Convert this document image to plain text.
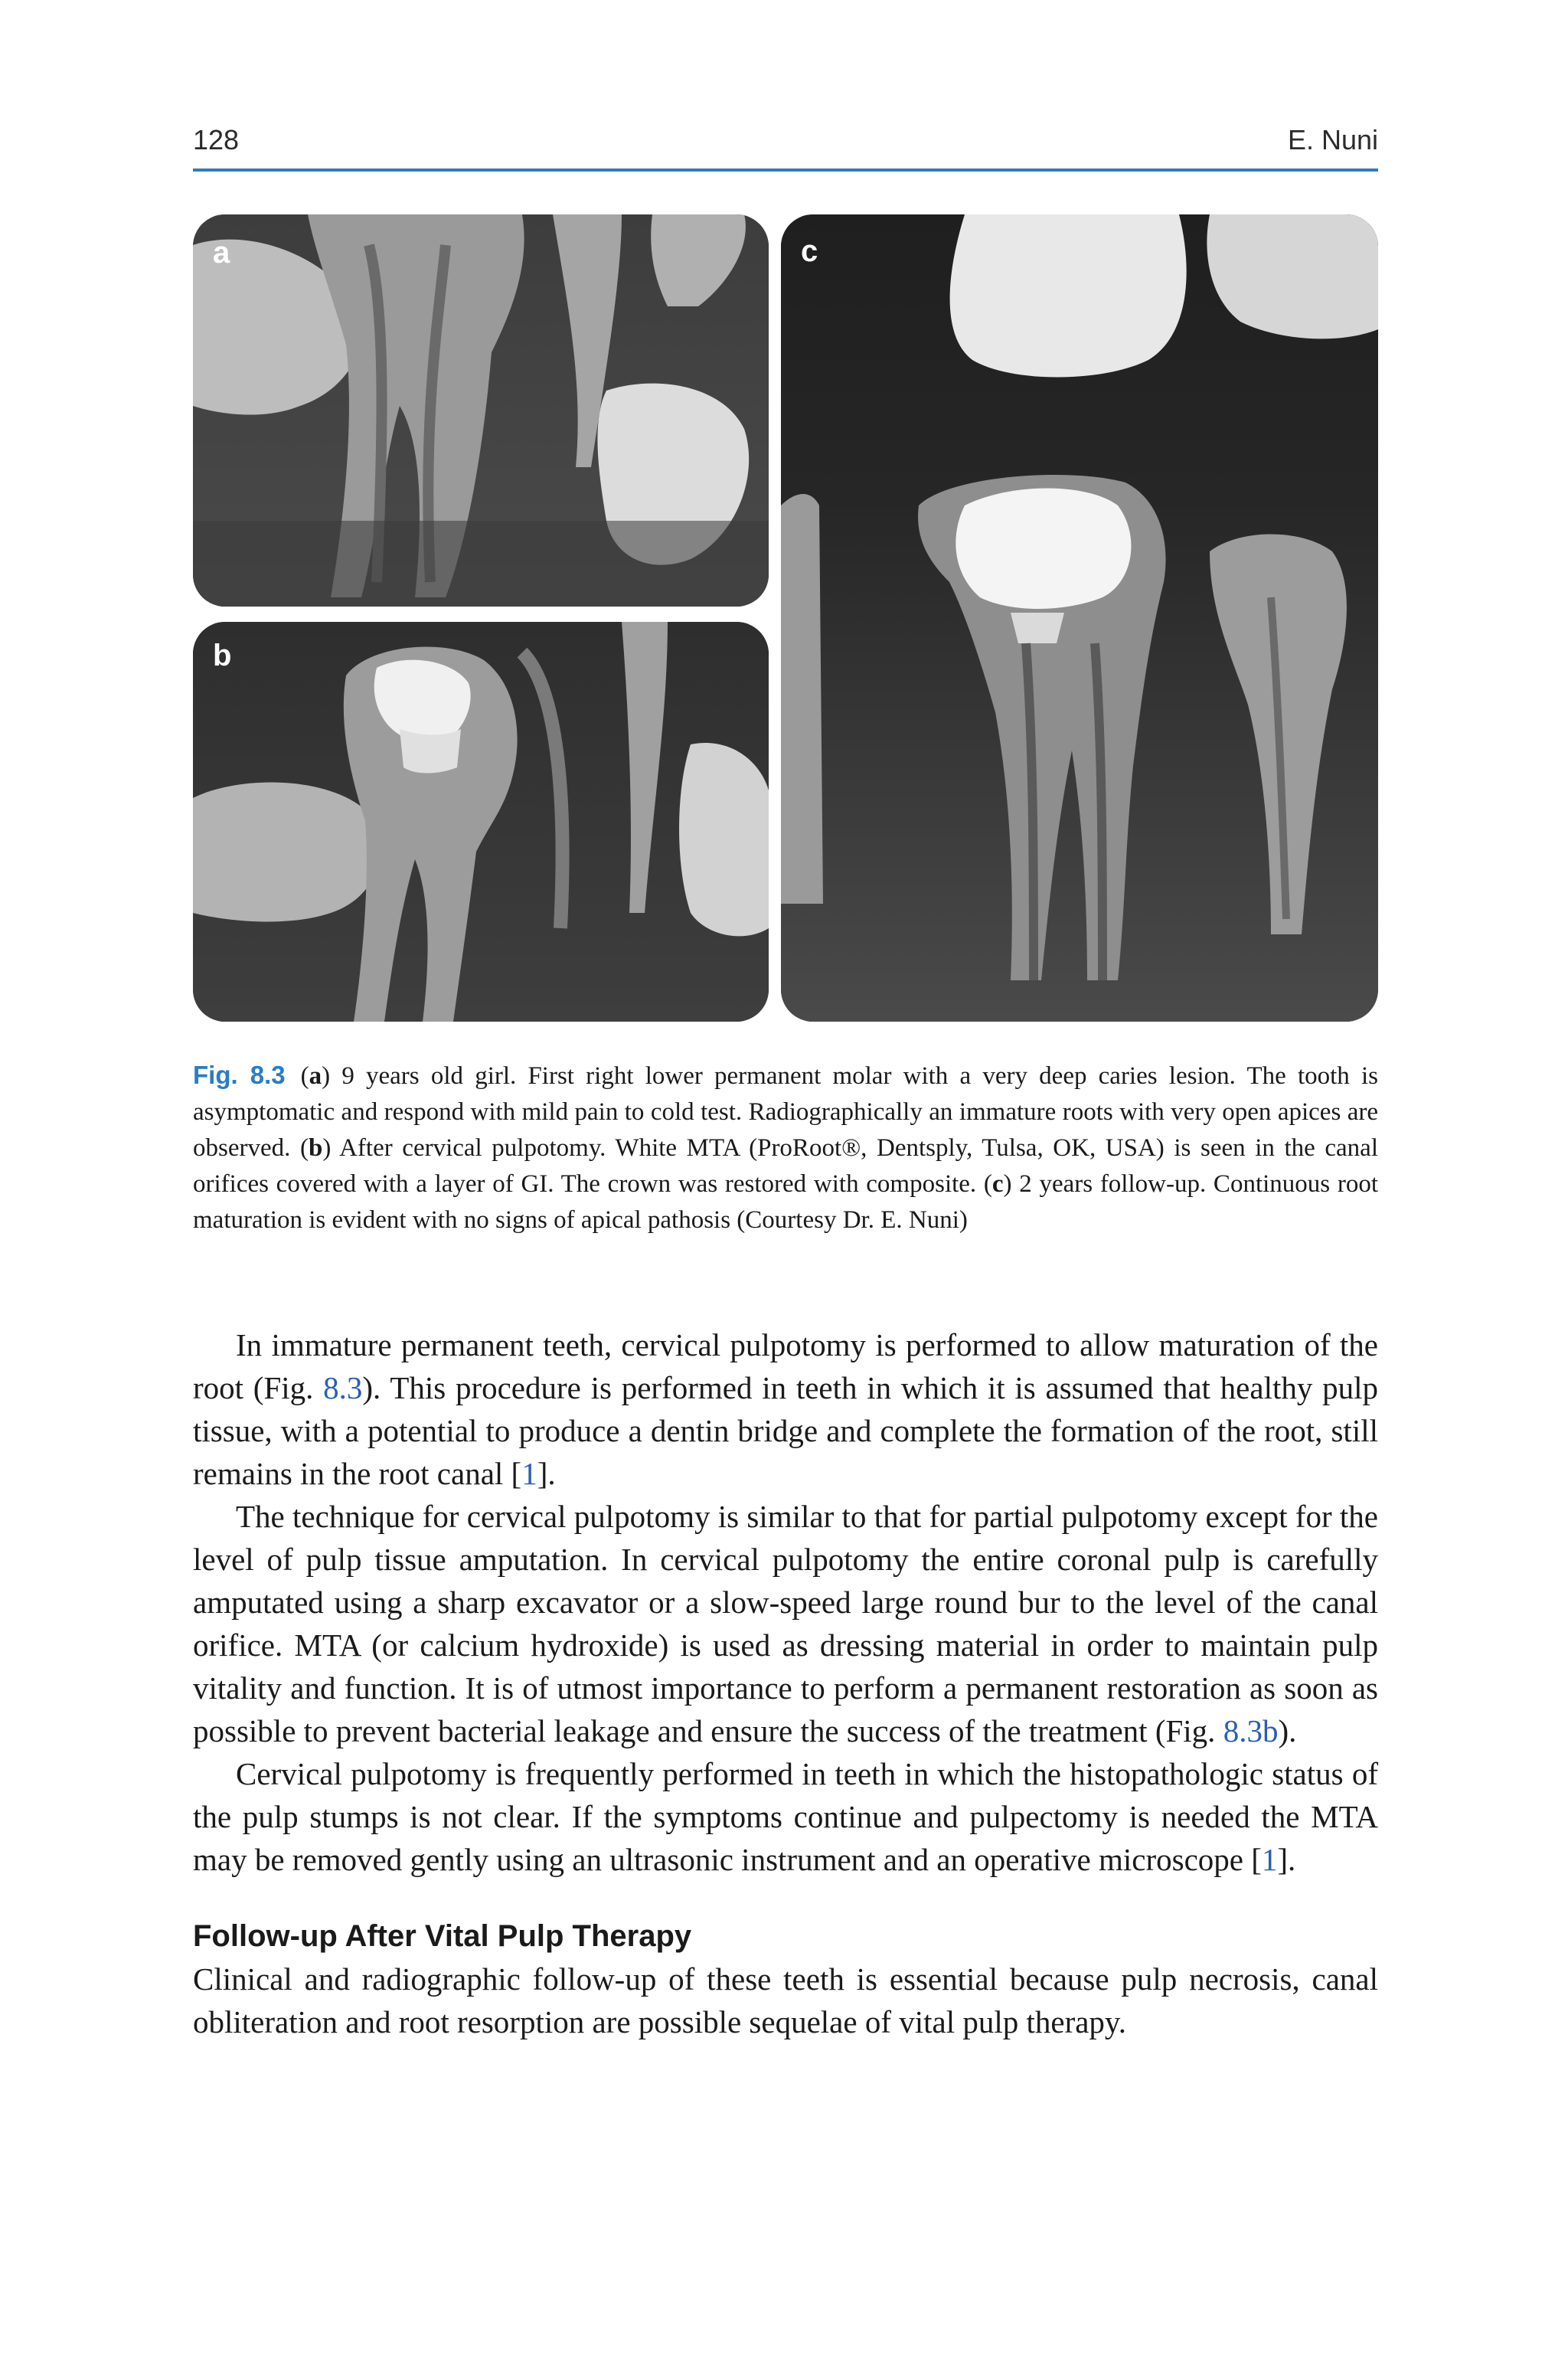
128	E. Nuni
a
b
c
Fig. 8.3 (a) 9 years old girl. First right lower permanent molar with a very deep caries lesion. The tooth is asymptomatic and respond with mild pain to cold test. Radiographically an immature roots with very open apices are observed. (b) After cervical pulpotomy. White MTA (ProRoot®, Dentsply, Tulsa, OK, USA) is seen in the canal orifices covered with a layer of GI. The crown was restored with composite. (c) 2 years follow-up. Continuous root maturation is evident with no signs of apical pathosis (Courtesy Dr. E. Nuni)

In immature permanent teeth, cervical pulpotomy is performed to allow maturation of the root (Fig. 8.3). This procedure is performed in teeth in which it is assumed that healthy pulp tissue, with a potential to produce a dentin bridge and complete the formation of the root, still remains in the root canal [1].

The technique for cervical pulpotomy is similar to that for partial pulpotomy except for the level of pulp tissue amputation. In cervical pulpotomy the entire coronal pulp is carefully amputated using a sharp excavator or a slow-speed large round bur to the level of the canal orifice. MTA (or calcium hydroxide) is used as dressing material in order to maintain pulp vitality and function. It is of utmost importance to perform a permanent restoration as soon as possible to prevent bacterial leakage and ensure the success of the treatment (Fig. 8.3b).

Cervical pulpotomy is frequently performed in teeth in which the histopathologic status of the pulp stumps is not clear. If the symptoms continue and pulpectomy is needed the MTA may be removed gently using an ultrasonic instrument and an operative microscope [1].

Follow-up After Vital Pulp Therapy

Clinical and radiographic follow-up of these teeth is essential because pulp necrosis, canal obliteration and root resorption are possible sequelae of vital pulp therapy.
